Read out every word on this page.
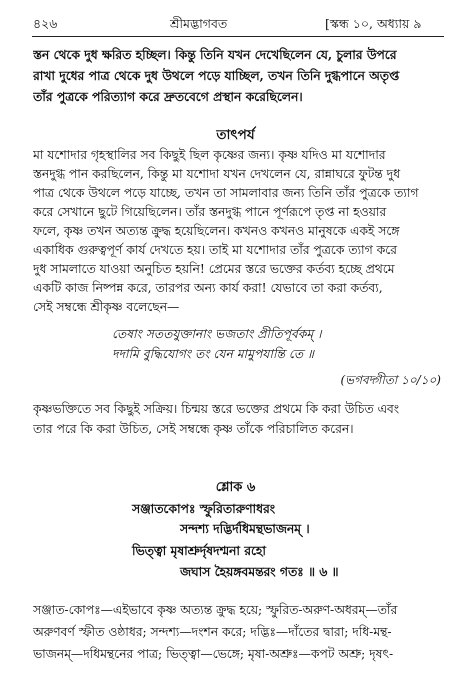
৪২৬	শ্রীমদ্ভাগবত	[স্কন্ধ ১০, অধ্যায় ৯
স্তন থেকে দুধ ক্ষরিত হচ্ছিল। কিন্তু তিনি যখন দেখেছিলেন যে, চুলার উপরে
রাখা দুধের পাত্র থেকে দুধ উথলে পড়ে যাচ্ছিল, তখন তিনি দুগ্ধপানে অতৃপ্ত
তাঁর পুত্রকে পরিত্যাগ করে দ্রুতবেগে প্রস্থান করেছিলেন।
তাৎপর্য
মা যশোদার গৃহস্থালির সব কিছুই ছিল কৃষ্ণের জন্য। কৃষ্ণ যদিও মা যশোদার
স্তনদুগ্ধ পান করছিলেন, কিন্তু মা যশোদা যখন দেখলেন যে, রান্নাঘরে ফুটন্ত দুধ
পাত্র থেকে উথলে পড়ে যাচ্ছে, তখন তা সামলাবার জন্য তিনি তাঁর পুত্রকে ত্যাগ
করে সেখানে ছুটে গিয়েছিলেন। তাঁর স্তনদুগ্ধ পানে পূর্ণরূপে তৃপ্ত না হওয়ার
ফলে, কৃষ্ণ তখন অত্যন্ত ক্রুদ্ধ হয়েছিলেন। কখনও কখনও মানুষকে একই সঙ্গে
একাধিক গুরুত্বপূর্ণ কার্য দেখতে হয়। তাই মা যশোদার তাঁর পুত্রকে ত্যাগ করে
দুধ সামলাতে যাওয়া অনুচিত হয়নি! প্রেমের স্তরে ভক্তের কর্তব্য হচ্ছে প্রথমে
একটি কাজ নিষ্পন্ন করে, তারপর অন্য কার্য করা! যেভাবে তা করা কর্তব্য,
সেই সম্বন্ধে শ্রীকৃষ্ণ বলেছেন—
তেষাং সততযুক্তানাং ভজতাং প্রীতিপূর্বকম্ ।
দদামি বুদ্ধিযোগং তং যেন মামুপযান্তি তে ॥
(ভগবদ্গীতা ১০/১০)
কৃষ্ণভক্তিতে সব কিছুই সক্রিয়। চিন্ময় স্তরে ভক্তের প্রথমে কি করা উচিত এবং
তার পরে কি করা উচিত, সেই সম্বন্ধে কৃষ্ণ তাঁকে পরিচালিত করেন।
শ্লোক ৬
সঞ্জাতকোপঃ স্ফুরিতারুণাধরং
সন্দশ্য দদ্ভির্দধিমন্থভাজনম্ ।
ভিত্ত্বা মৃষাশ্রুর্দৃষদশ্মনা রহো
জঘাস হৈয়ঙ্গবমন্তরং গতঃ ॥ ৬ ॥
সঞ্জাত-কোপঃ—এইভাবে কৃষ্ণ অত্যন্ত ক্রুদ্ধ হয়ে; স্ফুরিত-অরুণ-অধরম্—তাঁর
অরুণবর্ণ স্ফীত ওষ্ঠাধর; সন্দশ্য—দংশন করে; দদ্ভিঃ—দাঁতের দ্বারা; দধি-মন্থ-
ভাজনম্—দধিমন্থনের পাত্র; ভিত্ত্বা—ভেঙ্গে; মৃষা-অশ্রুঃ—কপট অশ্রু; দৃষৎ-
